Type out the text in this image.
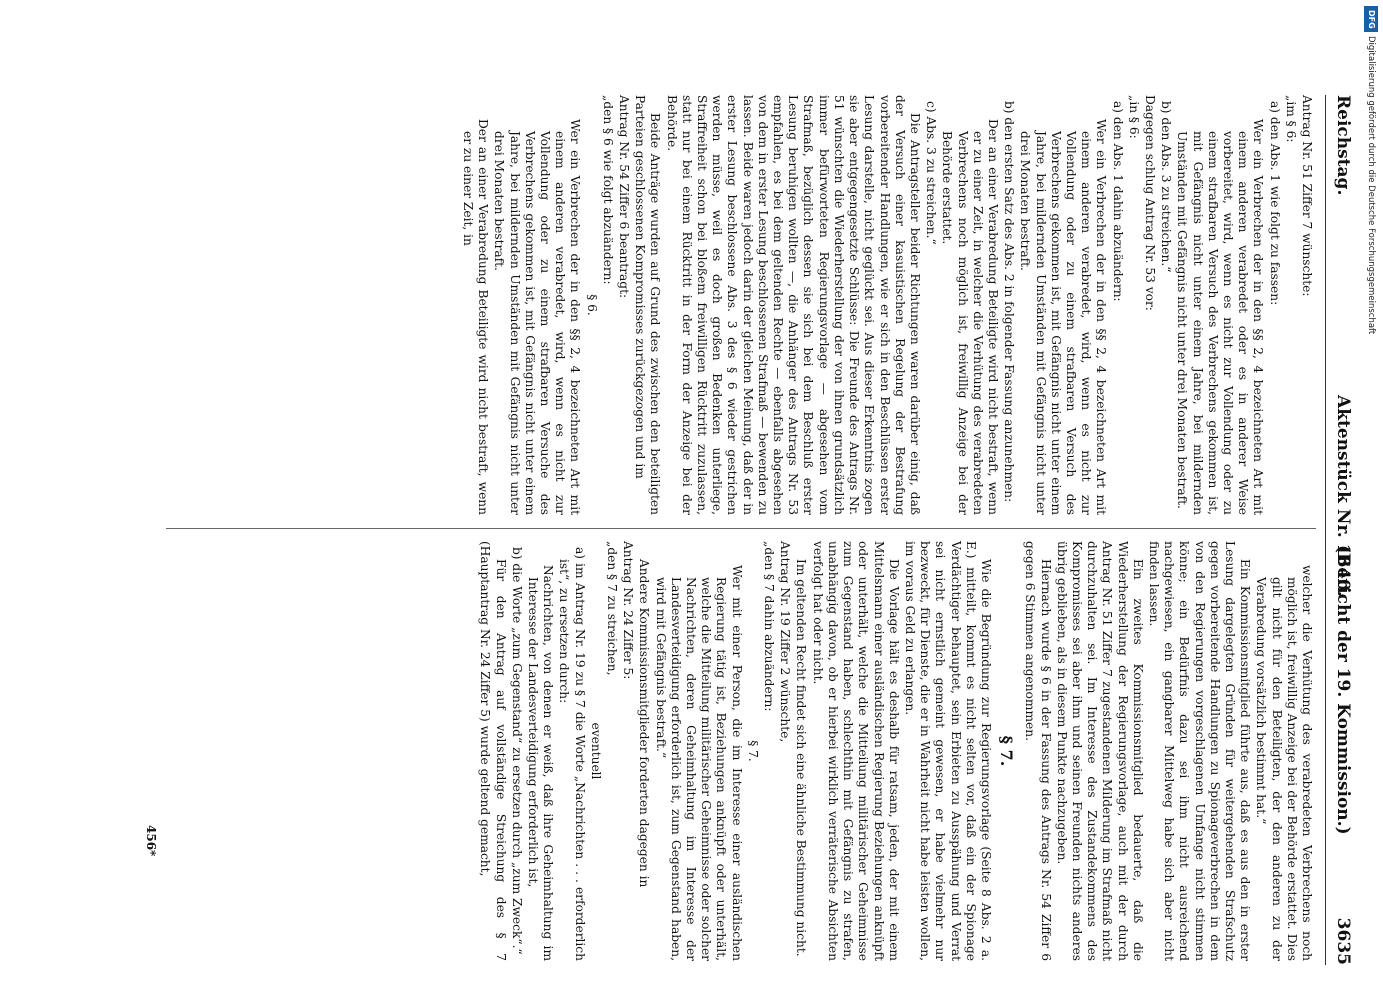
Reichstag.
Aktenstück Nr. 1640.
(Bericht der 19. Kommission.)
3635

Antrag Nr. 51 Ziffer 7 wünschte:

„im § 6:

a) den Abs. 1 wie folgt zu fassen:

Wer ein Verbrechen der in den §§ 2, 4 bezeichneten Art mit einem anderen verabredet oder es in anderer Weise vorbereitet, wird, wenn es nicht zur Vollendung oder zu einem strafbaren Versuch des Verbrechens gekommen ist, mit Gefängnis nicht unter einem Jahre, bei mildernden Umständen mit Gefängnis nicht unter drei Monaten bestraft.

b) den Abs. 3 zu streichen.“

Dagegen schlug Antrag Nr. 53 vor:

„in § 6:

a) den Abs. 1 dahin abzuändern:

Wer ein Verbrechen der in den §§ 2, 4 bezeichneten Art mit einem anderen verabredet, wird, wenn es nicht zur Vollendung oder zu einem strafbaren Versuch des Verbrechens gekommen ist, mit Gefängnis nicht unter einem Jahre, bei mildernden Umständen mit Gefängnis nicht unter drei Monaten bestraft.

b) den ersten Satz des Abs. 2 in folgender Fassung anzunehmen:

Der an einer Verabredung Beteiligte wird nicht bestraft, wenn er zu einer Zeit, in welcher die Verhütung des verabredeten Verbrechens noch möglich ist, freiwillig Anzeige bei der Behörde erstattet.

c) Abs. 3 zu streichen.“

Die Antragsteller beider Richtungen waren darüber einig, daß der Versuch einer kasuistischen Regelung der Bestrafung vorbereitender Handlungen, wie er sich in den Beschlüssen erster Lesung darstelle, nicht geglückt sei. Aus dieser Erkenntnis zogen sie aber entgegengesetzte Schlüsse: Die Freunde des Antrags Nr. 51 wünschten die Wiederherstellung der von ihnen grundsätzlich immer befürworteten Regierungsvorlage — abgesehen vom Strafmaß, bezüglich dessen sie sich bei dem Beschluß erster Lesung beruhigen wollten —, die Anhänger des Antrags Nr. 53 empfahlen, es bei dem geltenden Rechte — ebenfalls abgesehen von dem in erster Lesung beschlossenen Strafmaß — bewenden zu lassen. Beide waren jedoch darin der gleichen Meinung, daß der in erster Lesung beschlossene Abs. 3 des § 6 wieder gestrichen werden müsse, weil es doch großen Bedenken unterliege, Straffreiheit schon bei bloßem freiwilligen Rücktritt zuzulassen, statt nur bei einem Rücktritt in der Form der Anzeige bei der Behörde.

Beide Anträge wurden auf Grund des zwischen den beteiligten Parteien geschlossenen Kompromisses zurückgezogen und im

Antrag Nr. 54 Ziffer 6 beantragt:

„den § 6 wie folgt abzuändern:

§ 6.

Wer ein Verbrechen der in den §§ 2, 4 bezeichneten Art mit einem anderen verabredet, wird, wenn es nicht zur Vollendung oder zu einem strafbaren Versuche des Verbrechens gekommen ist, mit Gefängnis nicht unter einem Jahre, bei mildernden Umständen mit Gefängnis nicht unter drei Monaten bestraft.

Der an einer Verabredung Beteiligte wird nicht bestraft, wenn er zu einer Zeit, in

welcher die Verhütung des verabredeten Verbrechens noch möglich ist, freiwillig Anzeige bei der Behörde erstattet. Dies gilt nicht für den Beteiligten, der den anderen zu der Verabredung vorsätzlich bestimmt hat.“

Ein Kommissionsmitglied führte aus, daß es aus den in erster Lesung dargelegten Gründen für weitergehenden Strafschutz gegen vorbereitende Handlungen zu Spionageverbrechen in dem von den Regierungen vorgeschlagenen Umfange nicht stimmen könne; ein Bedürfnis dazu sei ihm nicht ausreichend nachgewiesen, ein gangbarer Mittelweg habe sich aber nicht finden lassen.

Ein zweites Kommissionsmitglied bedauerte, daß die Wiederherstellung der Regierungsvorlage, auch mit der durch Antrag Nr. 51 Ziffer 7 zugestandenen Milderung im Strafmaß nicht durchzuhalten sei. Im Interesse des Zustandekommens des Kompromisses sei aber ihm und seinen Freunden nichts anderes übrig geblieben, als in diesem Punkte nachzugeben.

Hiernach wurde § 6 in der Fassung des Antrags Nr. 54 Ziffer 6 gegen 6 Stimmen angenommen.

§ 7.

Wie die Begründung zur Regierungsvorlage (Seite 8 Abs. 2 a. E.) mitteilt, kommt es nicht selten vor, daß ein der Spionage Verdächtiger behauptet, sein Erbieten zu Ausspähung und Verrat sei nicht ernstlich gemeint gewesen, er habe vielmehr nur bezweckt, für Dienste, die er in Wahrheit nicht habe leisten wollen, im voraus Geld zu erlangen.

Die Vorlage hält es deshalb für ratsam, jeden, der mit einem Mittelsmann einer ausländischen Regierung Beziehungen anknüpft oder unterhält, welche die Mitteilung militärischer Geheimnisse zum Gegenstand haben, schlechthin mit Gefängnis zu strafen, unabhängig davon, ob er hierbei wirklich verräterische Absichten verfolgt hat oder nicht.

Im geltenden Recht findet sich eine ähnliche Bestimmung nicht.

Antrag Nr. 19 Ziffer 2 wünschte,

„den § 7 dahin abzuändern:

§ 7.

Wer mit einer Person, die im Interesse einer ausländischen Regierung tätig ist, Beziehungen anknüpft oder unterhält, welche die Mitteilung militärischer Geheimnisse oder solcher Nachrichten, deren Geheimhaltung im Interesse der Landesverteidigung erforderlich ist, zum Gegenstand haben, wird mit Gefängnis bestraft.“

Andere Kommissionsmitglieder forderten dagegen in

Antrag Nr. 24 Ziffer 5:

„den § 7 zu streichen,

eventuell

a) im Antrag Nr. 19 zu § 7 die Worte „Nachrichten . . . erforderlich ist“, zu ersetzen durch:

Nachrichten, von denen er weiß, daß ihre Geheimhaltung im Interesse der Landesverteidigung erforderlich ist,

b) die Worte „zum Gegenstand“ zu ersetzen durch „zum Zweck“.“

Für den Antrag auf vollständige Streichung des § 7 (Hauptantrag Nr. 24 Ziffer 5) wurde geltend gemacht,

456*
DFG
Digitalisierung gefördert durch die Deutsche Forschungsgemeinschaft
